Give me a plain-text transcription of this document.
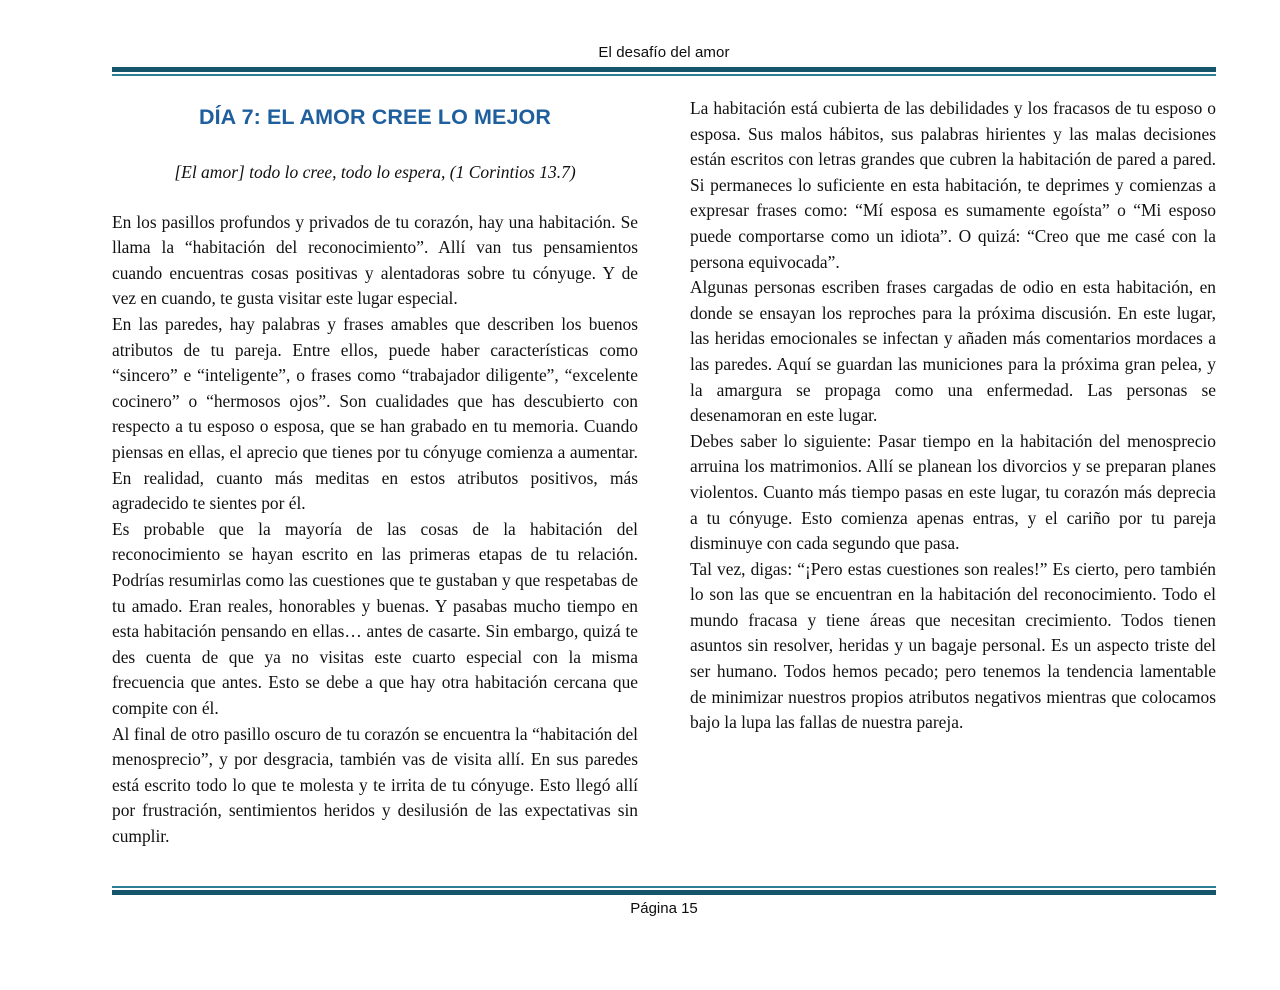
El desafío del amor
DÍA 7: EL AMOR CREE LO MEJOR
[El amor] todo lo cree, todo lo espera, (1 Corintios 13.7)

En los pasillos profundos y privados de tu corazón, hay una habitación. Se llama la “habitación del reconocimiento”. Allí van tus pensamientos cuando encuentras cosas positivas y alentadoras sobre tu cónyuge. Y de vez en cuando, te gusta visitar este lugar especial.

En las paredes, hay palabras y frases amables que describen los buenos atributos de tu pareja. Entre ellos, puede haber características como “sincero” e “inteligente”, o frases como “trabajador diligente”, “excelente cocinero” o “hermosos ojos”. Son cualidades que has descubierto con respecto a tu esposo o esposa, que se han grabado en tu memoria. Cuando piensas en ellas, el aprecio que tienes por tu cónyuge comienza a aumentar. En realidad, cuanto más meditas en estos atributos positivos, más agradecido te sientes por él.

Es probable que la mayoría de las cosas de la habitación del reconocimiento se hayan escrito en las primeras etapas de tu relación. Podrías resumirlas como las cuestiones que te gustaban y que respetabas de tu amado. Eran reales, honorables y buenas. Y pasabas mucho tiempo en esta habitación pensando en ellas… antes de casarte. Sin embargo, quizá te des cuenta de que ya no visitas este cuarto especial con la misma frecuencia que antes. Esto se debe a que hay otra habitación cercana que compite con él.

Al final de otro pasillo oscuro de tu corazón se encuentra la “habitación del menosprecio”, y por desgracia, también vas de visita allí. En sus paredes está escrito todo lo que te molesta y te irrita de tu cónyuge. Esto llegó allí por frustración, sentimientos heridos y desilusión de las expectativas sin cumplir.

La habitación está cubierta de las debilidades y los fracasos de tu esposo o esposa. Sus malos hábitos, sus palabras hirientes y las malas decisiones están escritos con letras grandes que cubren la habitación de pared a pared. Si permaneces lo suficiente en esta habitación, te deprimes y comienzas a expresar frases como: “Mí esposa es sumamente egoísta” o “Mi esposo puede comportarse como un idiota”. O quizá: “Creo que me casé con la persona equivocada”.

Algunas personas escriben frases cargadas de odio en esta habitación, en donde se ensayan los reproches para la próxima discusión. En este lugar, las heridas emocionales se infectan y añaden más comentarios mordaces a las paredes. Aquí se guardan las municiones para la próxima gran pelea, y la amargura se propaga como una enfermedad. Las personas se desenamoran en este lugar.

Debes saber lo siguiente: Pasar tiempo en la habitación del menosprecio arruina los matrimonios. Allí se planean los divorcios y se preparan planes violentos. Cuanto más tiempo pasas en este lugar, tu corazón más deprecia a tu cónyuge. Esto comienza apenas entras, y el cariño por tu pareja disminuye con cada segundo que pasa.

Tal vez, digas: “¡Pero estas cuestiones son reales!” Es cierto, pero también lo son las que se encuentran en la habitación del reconocimiento. Todo el mundo fracasa y tiene áreas que necesitan crecimiento. Todos tienen asuntos sin resolver, heridas y un bagaje personal. Es un aspecto triste del ser humano. Todos hemos pecado; pero tenemos la tendencia lamentable de minimizar nuestros propios atributos negativos mientras que colocamos bajo la lupa las fallas de nuestra pareja.

Página 15
